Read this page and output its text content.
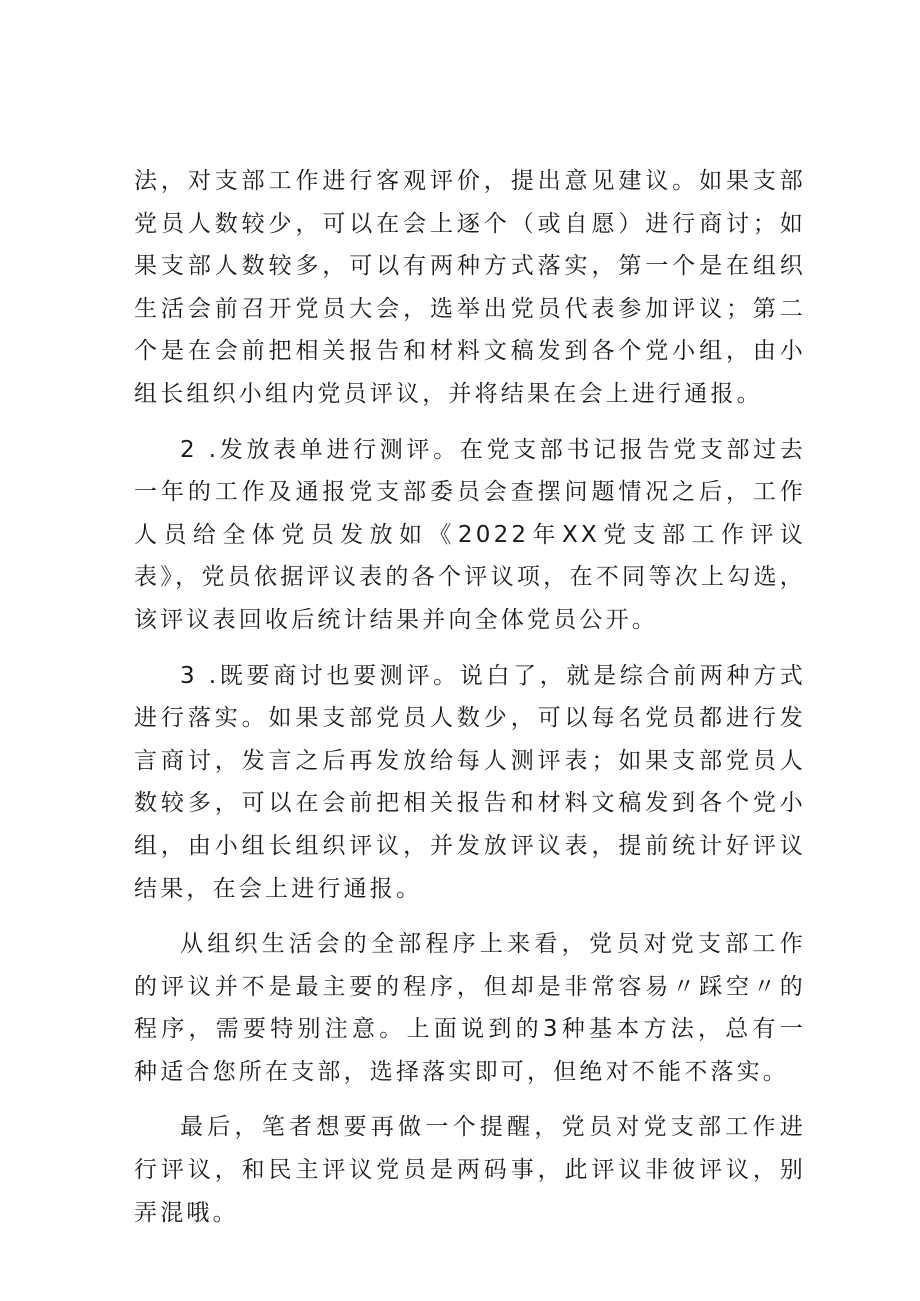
法，对支部工作进行客观评价，提出意见建议。如果支部党员人数较少，可以在会上逐个（或自愿）进行商讨；如果支部人数较多，可以有两种方式落实，第一个是在组织生活会前召开党员大会，选举出党员代表参加评议；第二个是在会前把相关报告和材料文稿发到各个党小组，由小组长组织小组内党员评议，并将结果在会上进行通报。

2 .发放表单进行测评。在党支部书记报告党支部过去一年的工作及通报党支部委员会查摆问题情况之后，工作人员给全体党员发放如《2022年XX党支部工作评议表》，党员依据评议表的各个评议项，在不同等次上勾选，该评议表回收后统计结果并向全体党员公开。

3 .既要商讨也要测评。说白了，就是综合前两种方式进行落实。如果支部党员人数少，可以每名党员都进行发言商讨，发言之后再发放给每人测评表；如果支部党员人数较多，可以在会前把相关报告和材料文稿发到各个党小组，由小组长组织评议，并发放评议表，提前统计好评议结果，在会上进行通报。

从组织生活会的全部程序上来看，党员对党支部工作的评议并不是最主要的程序，但却是非常容易〃踩空〃的程序，需要特别注意。上面说到的3种基本方法，总有一种适合您所在支部，选择落实即可，但绝对不能不落实。

最后，笔者想要再做一个提醒，党员对党支部工作进行评议，和民主评议党员是两码事，此评议非彼评议，别弄混哦。
